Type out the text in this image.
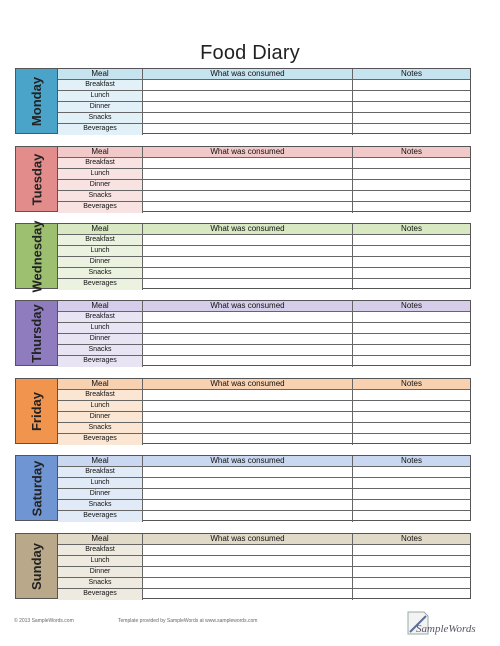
Food Diary
Monday
Meal	What was consumed	Notes
Breakfast
Lunch
Dinner
Snacks
Beverages
Tuesday
Meal	What was consumed	Notes
Breakfast
Lunch
Dinner
Snacks
Beverages
Wednesday	Meal	What was consumed	Notes
Breakfast
Lunch
Dinner
Snacks
Beverages
Thursday	Meal	What was consumed	Notes
Breakfast
Lunch
Dinner
Snacks
Beverages
Friday
Meal	What was consumed	Notes
Breakfast
Lunch
Dinner
Snacks
Beverages
Saturday	Meal	What was consumed	Notes
Breakfast
Lunch
Dinner
Snacks
Beverages
Sunday
Meal	What was consumed	Notes
Breakfast
Lunch
Dinner
Snacks
Beverages
© 2013 SampleWords.com	Template provided by SampleWords at www.samplewords.com
SampleWords
